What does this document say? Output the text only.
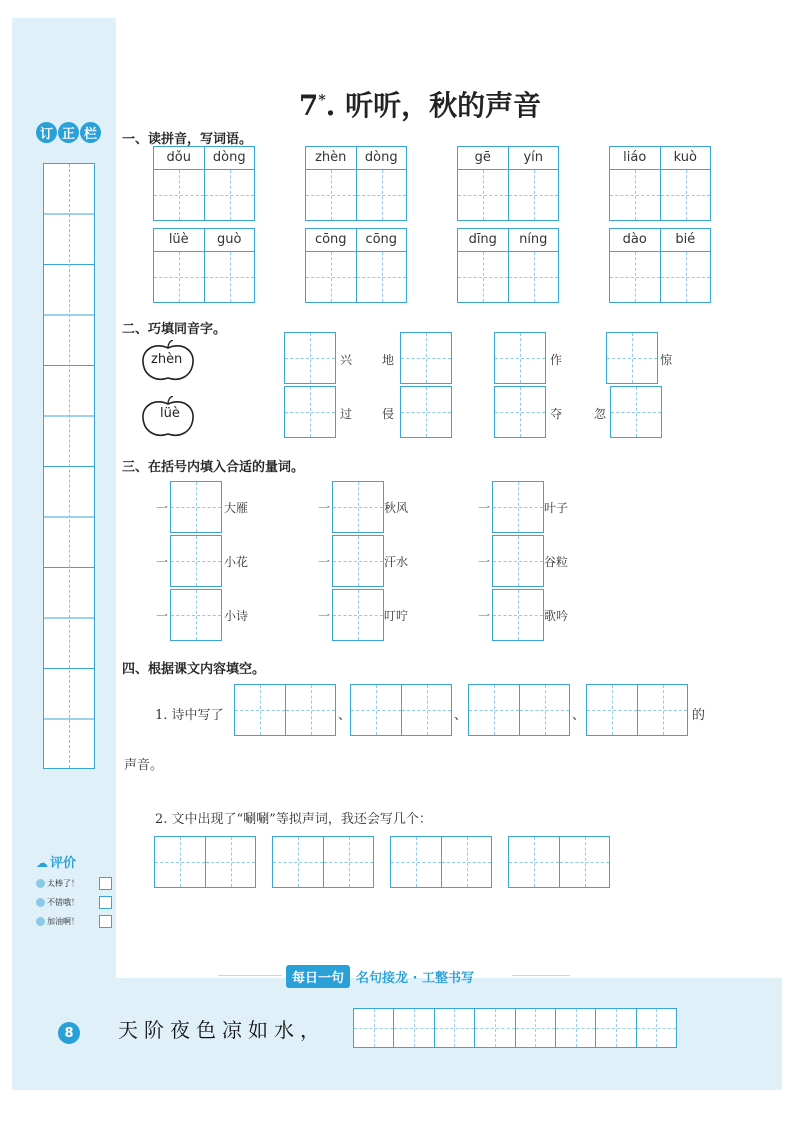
订 正 栏
☁ 评价
太棒了！
不错哦！
加油啊！
7*. 听听，秋的声音
一、读拼音，写词语。
dǒu	dòng	zhèn	dòng	gē	yín	liáo	kuò
lüè	guò	cōng	cōng	dīng	níng	dào	bié
二、巧填同音字。
zhèn
lüè
兴 地	作	惊
过 侵	夺	忽
三、在括号内填入合适的量词。
一	大雁	一	秋风	一	叶子
一	小花	一	汗水	一	谷粒
一	小诗	一	叮咛	一	歌吟
四、根据课文内容填空。
1. 诗中写了	、	、	、	的
声音。
2. 文中出现了“唰唰”等拟声词，我还会写几个：
每日一句 名句接龙 · 工整书写
8	天阶夜色凉如水，
